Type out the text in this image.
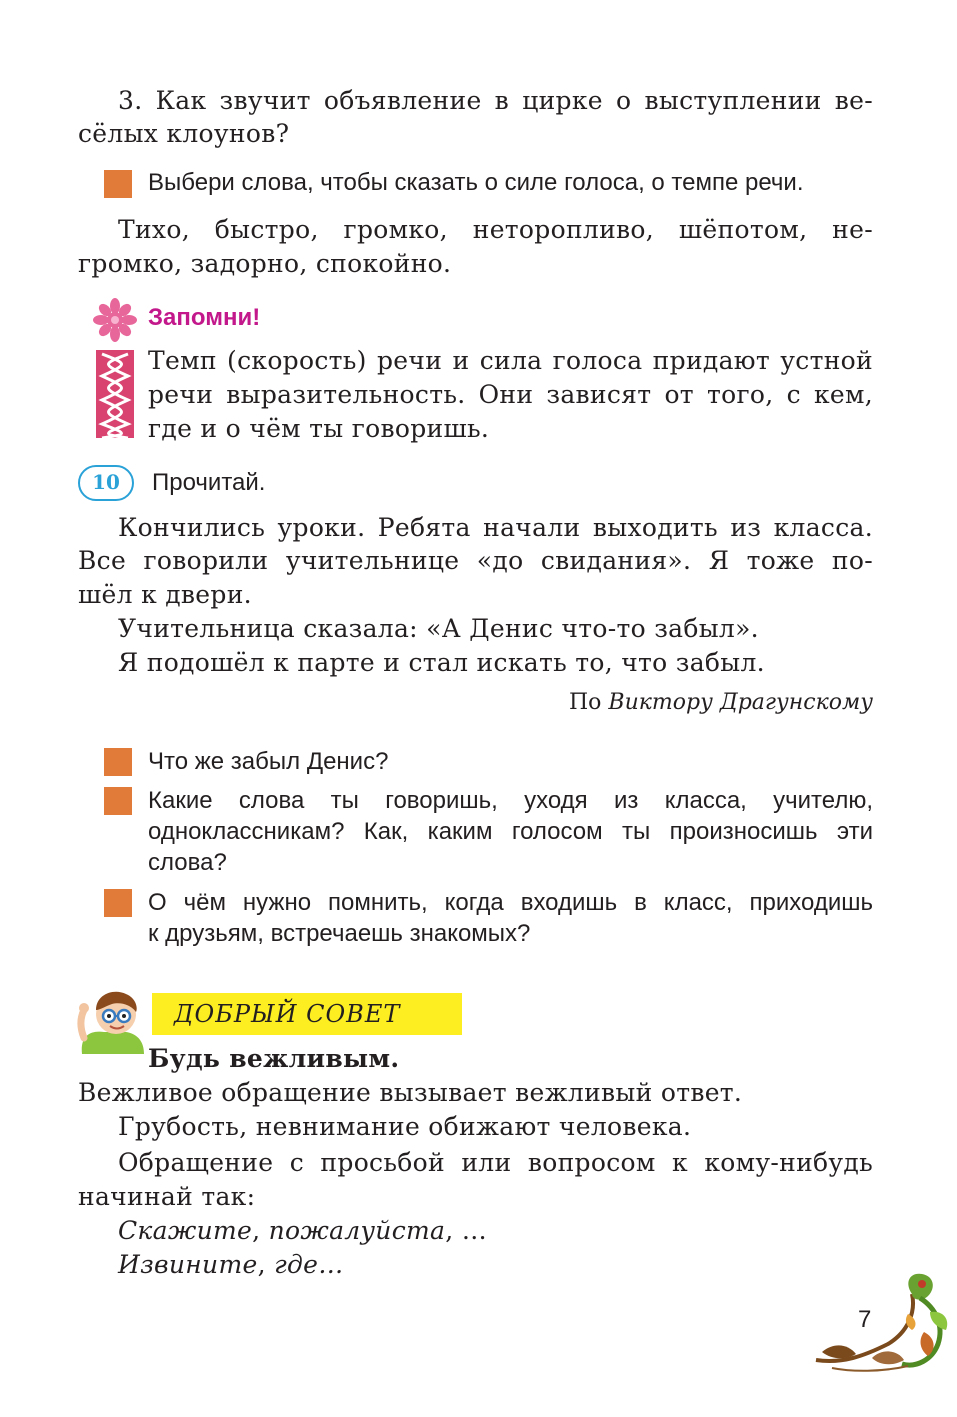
3. Как звучит объявление в цирке о выступлении ве-
сёлых клоунов?
Выбери слова, чтобы сказать о силе голоса, о темпе речи.
Тихо, быстро, громко, неторопливо, шёпотом, не-
громко, задорно, спокойно.
Запомни!
Темп (скорость) речи и сила голоса придают устной
речи выразительность. Они зависят от того, с кем,
где и о чём ты говоришь.
10	Прочитай.
Кончились уроки. Ребята начали выходить из класса.
Все говорили учительнице «до свидания». Я тоже по-
шёл к двери.
Учительница сказала: «А Денис что-то забыл».
Я подошёл к парте и стал искать то, что забыл.
По Виктору Драгунскому
Что же забыл Денис?
Какие слова ты говоришь, уходя из класса, учителю,
одноклассникам? Как, каким голосом ты произносишь эти
слова?
О чём нужно помнить, когда входишь в класс, приходишь
к друзьям, встречаешь знакомых?
ДОБРЫЙ СОВЕТ
Будь вежливым.
Вежливое обращение вызывает вежливый ответ.
Грубость, невнимание обижают человека.
Обращение с просьбой или вопросом к кому-нибудь
начинай так:
Скажите, пожалуйста, …
Извините, где…
7
